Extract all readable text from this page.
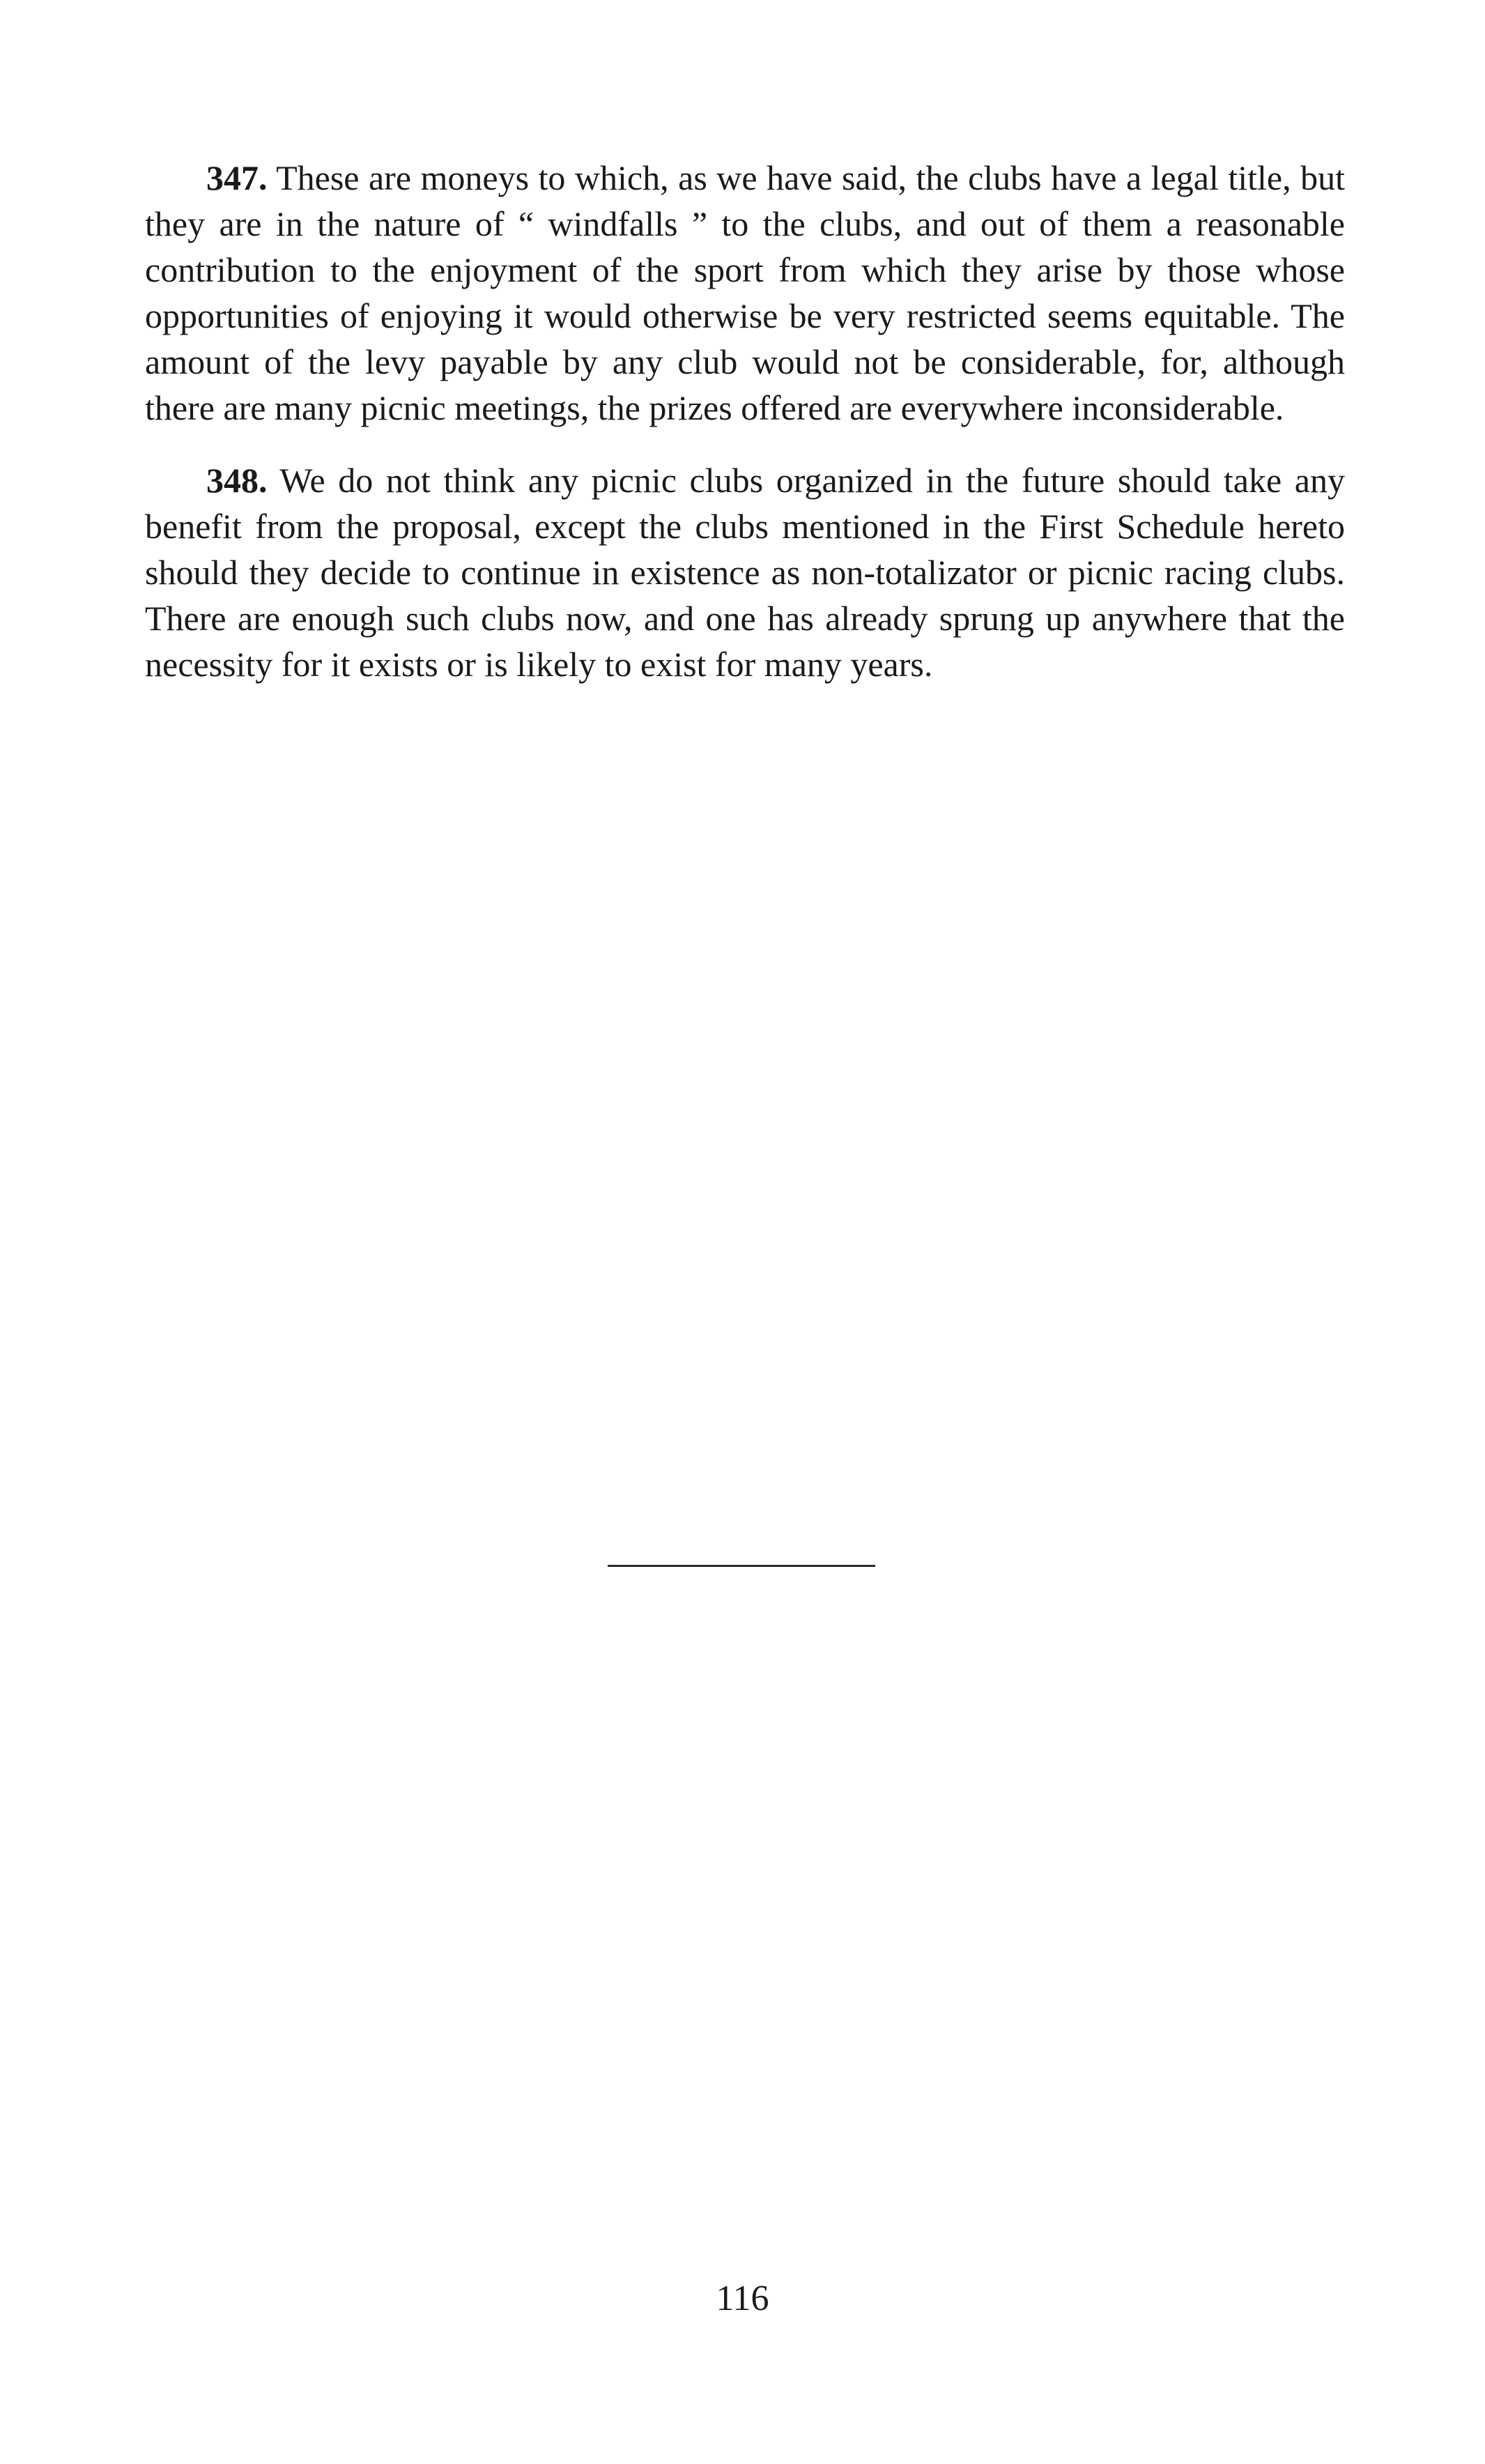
347. These are moneys to which, as we have said, the clubs have a legal title, but they are in the nature of “ windfalls ” to the clubs, and out of them a reasonable contribution to the enjoyment of the sport from which they arise by those whose opportunities of enjoying it would otherwise be very restricted seems equitable. The amount of the levy payable by any club would not be considerable, for, although there are many picnic meetings, the prizes offered are everywhere inconsiderable.

348. We do not think any picnic clubs organized in the future should take any benefit from the proposal, except the clubs mentioned in the First Schedule hereto should they decide to continue in existence as non-totalizator or picnic racing clubs. There are enough such clubs now, and one has already sprung up anywhere that the necessity for it exists or is likely to exist for many years.

116
